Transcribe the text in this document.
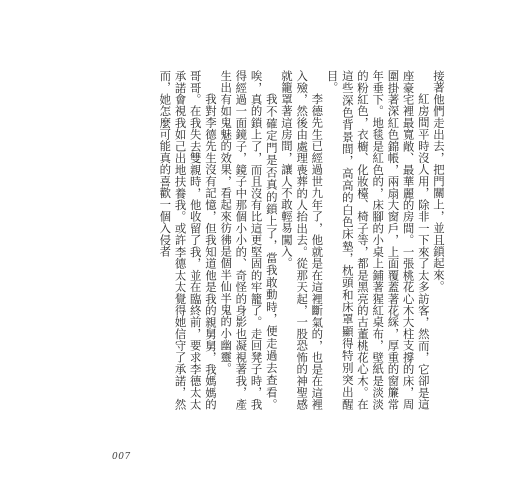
接著他們走出去，把門關上，並且鎖起來。

紅房間平時沒人用，除非一下來了太多訪客，然而，它卻是這座豪宅裡最寬敞、最華麗的房間。一張桃花心木大柱支撐的床，周圍掛著深紅色錦帳，兩扇大窗戶，上面覆蓋著花綵，厚重的窗簾常年垂下。地毯是紅色的，床腳的小桌上鋪著猩紅桌布，壁紙是淡淡的粉紅色，衣櫥、化妝檯、椅子等，都是黑亮的古董桃花心木。在這些深色背景間，高高的白色床墊，枕頭和床罩顯得特別突出醒目。

李德先生已經過世九年了，他就是在這裡斷氣的，也是在這裡入殮，然後由處理喪葬的人抬出去。從那天起，一股恐怖的神聖感就籠罩著這房間，讓人不敢輕易闖入。

我不確定門是否真的鎖上了，當我敢動時，便走過去查看。唉，真的鎖上了，而且沒有比這更堅固的牢籠了。走回凳子時，我得經過一面鏡子，鏡子中那個小小的、奇怪的身影也凝視著我，產生出有如鬼魅的效果，看起來彷彿是個半仙半鬼的小幽靈。

我對李德先生沒有記憶，但我知道他是我的親舅舅，我媽媽的哥哥。在我失去雙親時，他收留了我，並在臨終前，要求李德太太承諾會視我如己出地扶養我。或許李德太太覺得她信守了承諾，然而，她怎麼可能真的喜歡一個入侵者

007
